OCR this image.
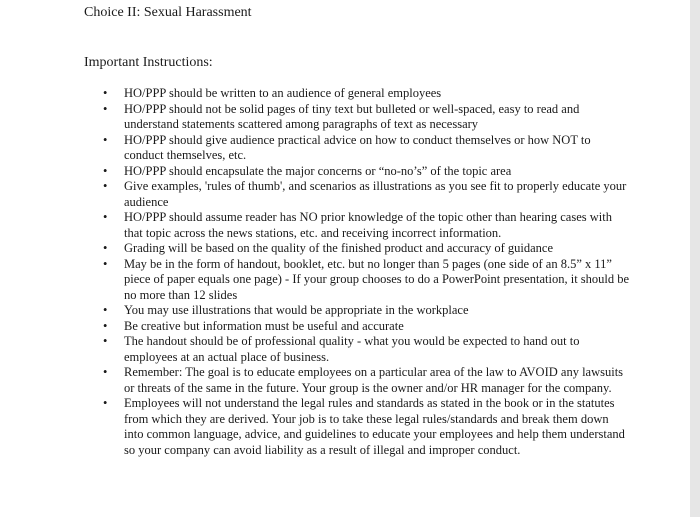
Choice II: Sexual Harassment
Important Instructions:
• HO/PPP should be written to an audience of general employees
• HO/PPP should not be solid pages of tiny text but bulleted or well-spaced, easy to read and understand statements scattered among paragraphs of text as necessary
• HO/PPP should give audience practical advice on how to conduct themselves or how NOT to conduct themselves, etc.
• HO/PPP should encapsulate the major concerns or “no-no’s” of the topic area
• Give examples, 'rules of thumb', and scenarios as illustrations as you see fit to properly educate your audience
• HO/PPP should assume reader has NO prior knowledge of the topic other than hearing cases with that topic across the news stations, etc. and receiving incorrect information.
• Grading will be based on the quality of the finished product and accuracy of guidance
• May be in the form of handout, booklet, etc. but no longer than 5 pages (one side of an 8.5” x 11” piece of paper equals one page) - If your group chooses to do a PowerPoint presentation, it should be no more than 12 slides
• You may use illustrations that would be appropriate in the workplace
• Be creative but information must be useful and accurate
• The handout should be of professional quality - what you would be expected to hand out to employees at an actual place of business.
• Remember: The goal is to educate employees on a particular area of the law to AVOID any lawsuits or threats of the same in the future. Your group is the owner and/or HR manager for the company.
• Employees will not understand the legal rules and standards as stated in the book or in the statutes from which they are derived. Your job is to take these legal rules/standards and break them down into common language, advice, and guidelines to educate your employees and help them understand so your company can avoid liability as a result of illegal and improper conduct.
